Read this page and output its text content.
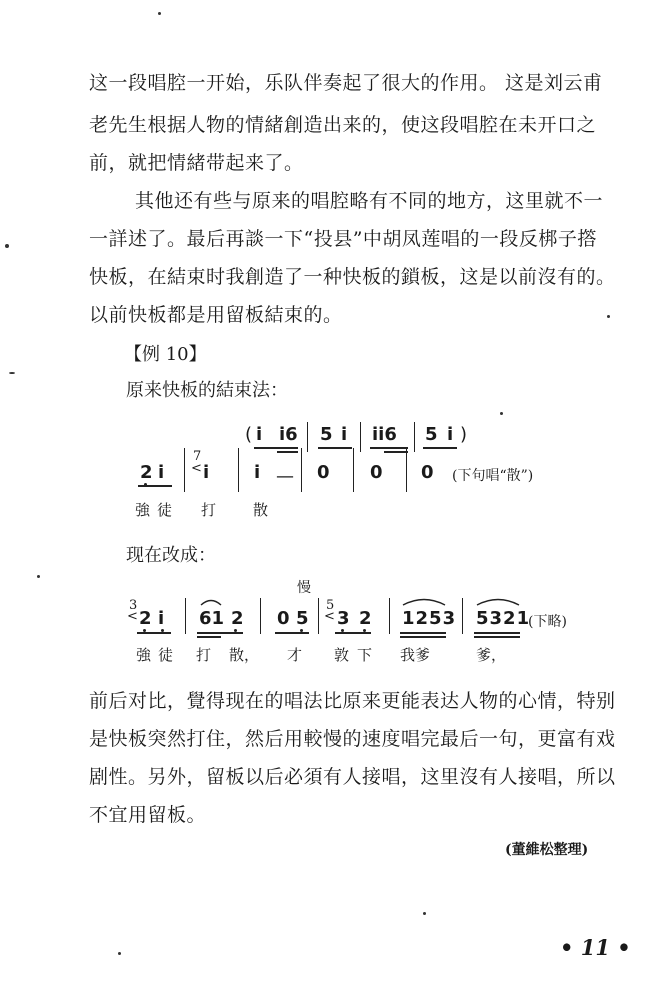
这一段唱腔一开始，乐队伴奏起了很大的作用。 这是刘云甫
老先生根据人物的情緒創造出来的，使这段唱腔在未开口之
前，就把情緒带起来了。
其他还有些与原来的唱腔略有不同的地方，这里就不一
一詳述了。最后再談一下“投县”中胡凤莲唱的一段反梆子撘
快板，在結束时我創造了一种快板的鎖板，这是以前沒有的。
以前快板都是用留板結束的。
【例 10】
原来快板的結束法：
( i i6 5 i ii6 5 i )
2 i
7
< i i — 0 0 0 (下句唱“散”)
強 徒 打 散
现在改成：
慢
3
< 2 i 61 2 0 5
5
< 3 2 1253 5321
(下略)
強 徒 打 散， 才 敦 下 我爹	爹，
前后对比，覺得现在的唱法比原来更能表达人物的心情，特别
是快板突然打住，然后用較慢的速度唱完最后一句，更富有戏
剧性。另外，留板以后必須有人接唱，这里沒有人接唱，所以
不宜用留板。
(董維松整理)
• 11 •
